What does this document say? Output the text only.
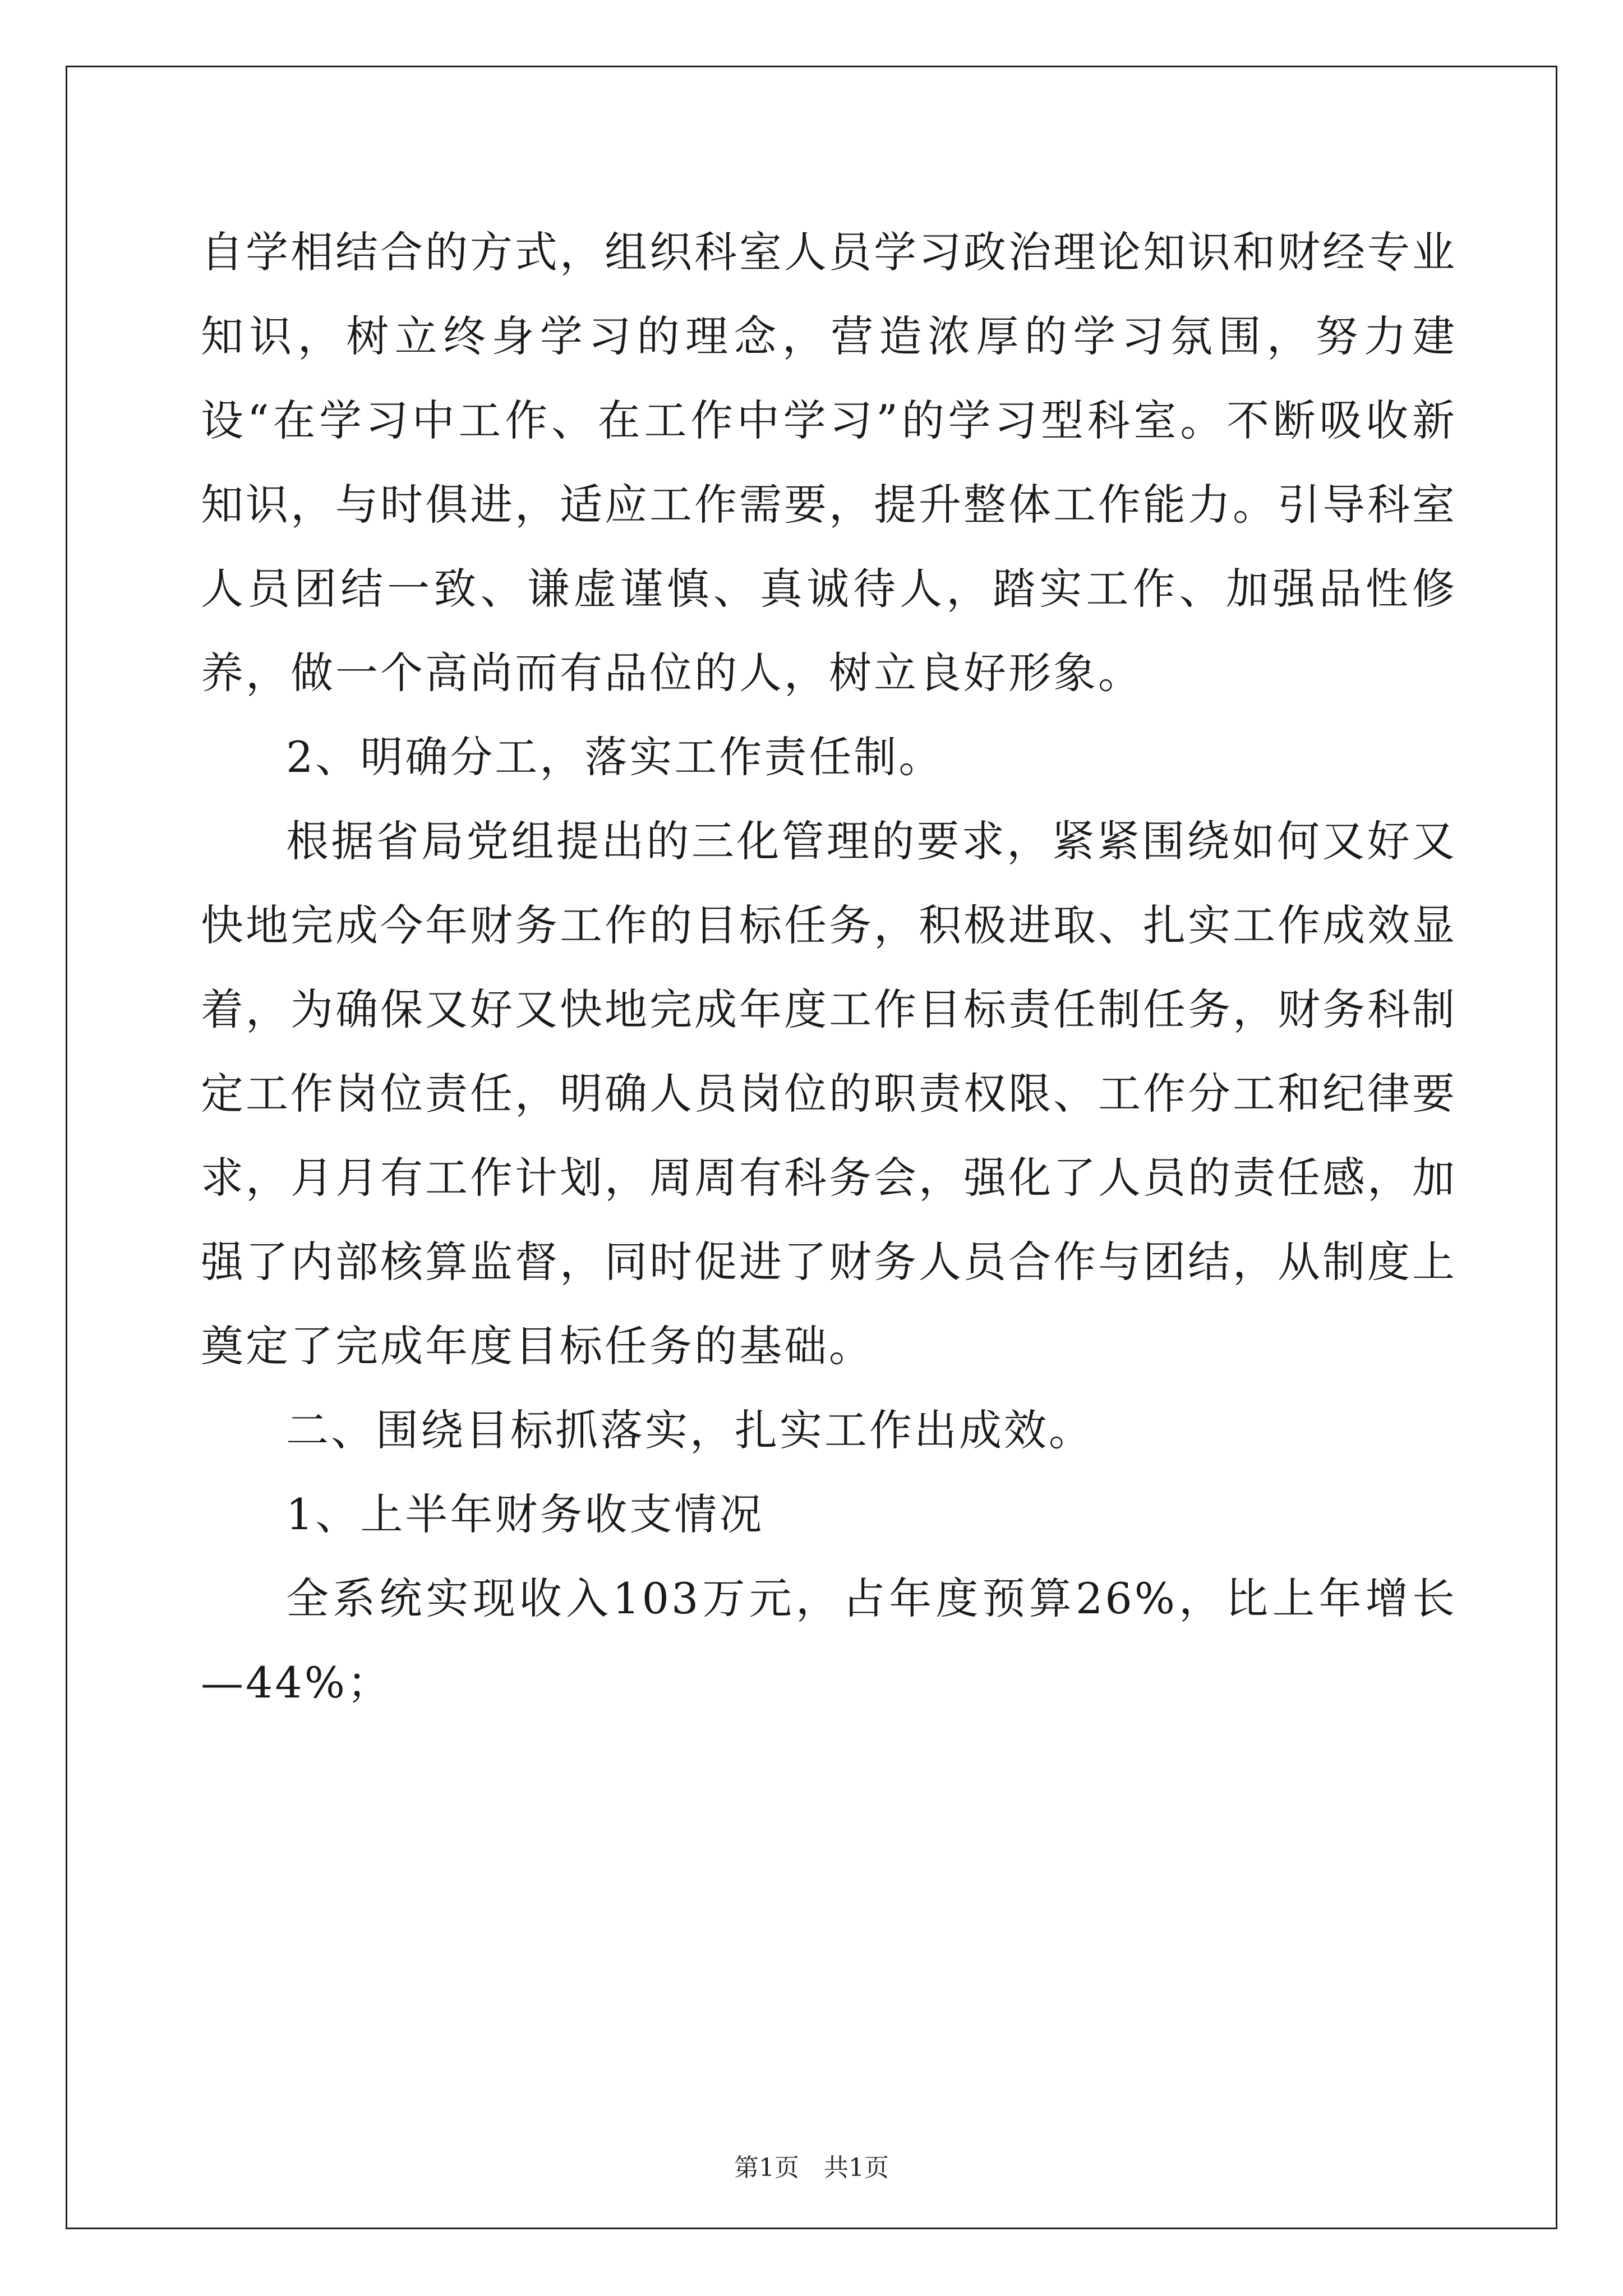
自学相结合的方式，组织科室人员学习政治理论知识和财经专业知识，树立终身学习的理念，营造浓厚的学习氛围，努力建设“在学习中工作、在工作中学习”的学习型科室。不断吸收新知识，与时俱进，适应工作需要，提升整体工作能力。引导科室人员团结一致、谦虚谨慎、真诚待人，踏实工作、加强品性修养，做一个高尚而有品位的人，树立良好形象。

2、明确分工，落实工作责任制。

根据省局党组提出的三化管理的要求，紧紧围绕如何又好又快地完成今年财务工作的目标任务，积极进取、扎实工作成效显着，为确保又好又快地完成年度工作目标责任制任务，财务科制定工作岗位责任，明确人员岗位的职责权限、工作分工和纪律要求，月月有工作计划，周周有科务会，强化了人员的责任感，加强了内部核算监督，同时促进了财务人员合作与团结，从制度上奠定了完成年度目标任务的基础。

二、围绕目标抓落实，扎实工作出成效。

1、上半年财务收支情况

全系统实现收入103万元，占年度预算26%，比上年增长—44%；

第1页 共1页
